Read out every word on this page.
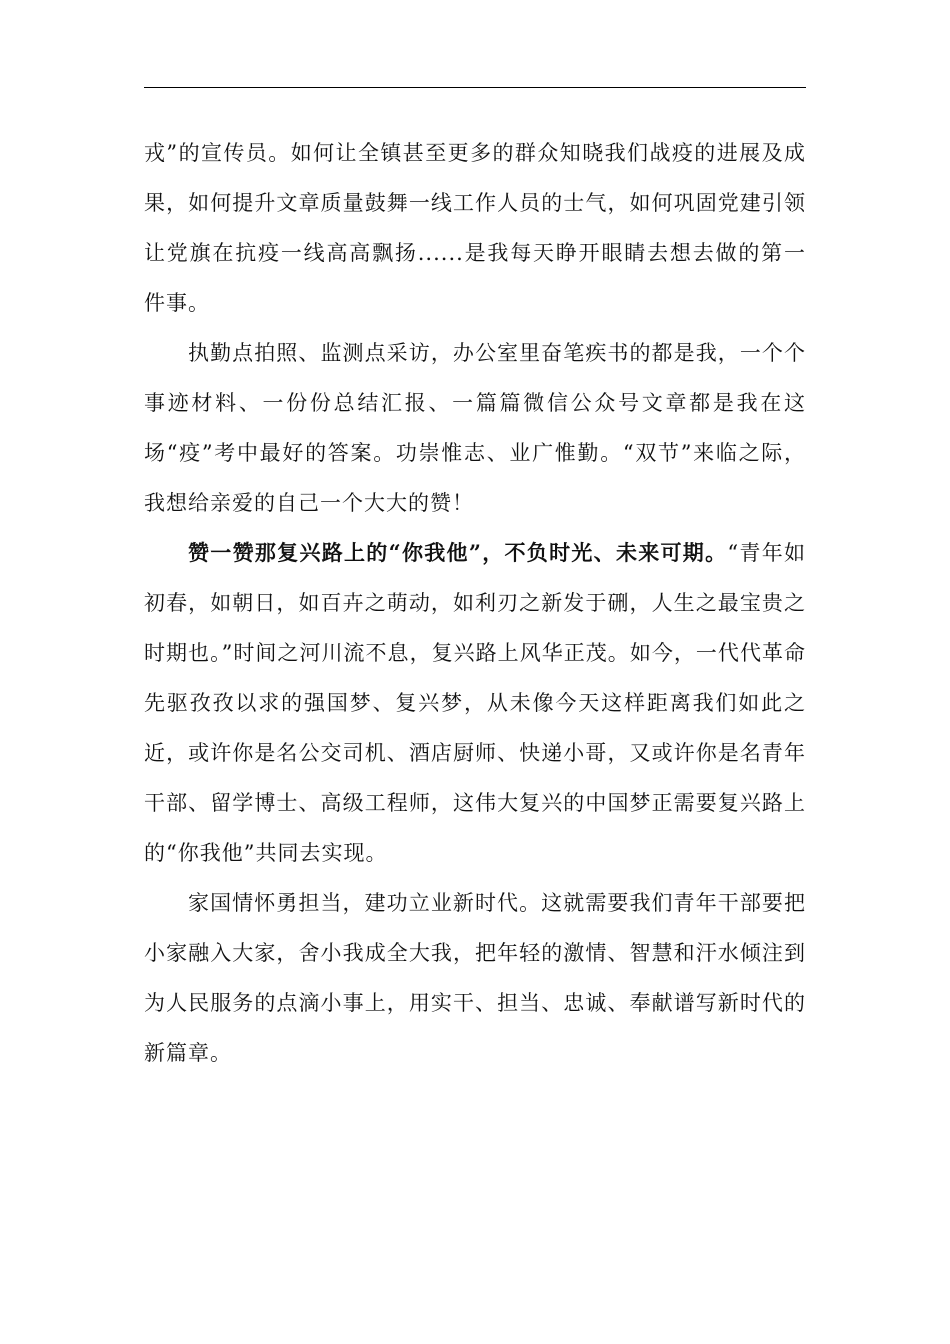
戎”的宣传员。如何让全镇甚至更多的群众知晓我们战疫的进展及成果，如何提升文章质量鼓舞一线工作人员的士气，如何巩固党建引领让党旗在抗疫一线高高飘扬......是我每天睁开眼睛去想去做的第一件事。

执勤点拍照、监测点采访，办公室里奋笔疾书的都是我，一个个事迹材料、一份份总结汇报、一篇篇微信公众号文章都是我在这场“疫”考中最好的答案。功崇惟志、业广惟勤。“双节”来临之际，我想给亲爱的自己一个大大的赞！

赞一赞那复兴路上的“你我他”，不负时光、未来可期。“青年如初春，如朝日，如百卉之萌动，如利刃之新发于硎，人生之最宝贵之时期也。”时间之河川流不息，复兴路上风华正茂。如今，一代代革命先驱孜孜以求的强国梦、复兴梦，从未像今天这样距离我们如此之近，或许你是名公交司机、酒店厨师、快递小哥，又或许你是名青年干部、留学博士、高级工程师，这伟大复兴的中国梦正需要复兴路上的“你我他”共同去实现。

家国情怀勇担当，建功立业新时代。这就需要我们青年干部要把小家融入大家，舍小我成全大我，把年轻的激情、智慧和汗水倾注到为人民服务的点滴小事上，用实干、担当、忠诚、奉献谱写新时代的新篇章。
